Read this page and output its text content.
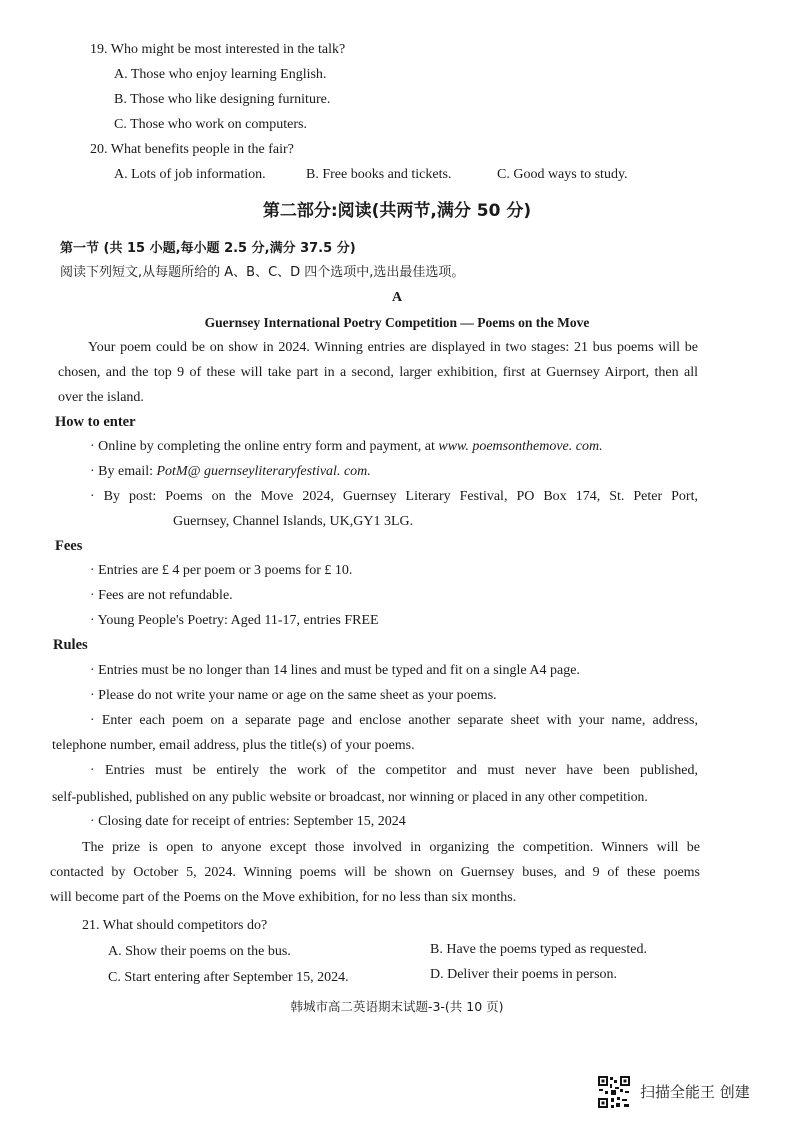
19. Who might be most interested in the talk?
A. Those who enjoy learning English.
B. Those who like designing furniture.
C. Those who work on computers.
20. What benefits people in the fair?
A. Lots of job information.	B. Free books and tickets.	C. Good ways to study.
第二部分:阅读(共两节,满分 50 分)
第一节 (共 15 小题,每小题 2.5 分,满分 37.5 分)
阅读下列短文,从每题所给的 A、B、C、D 四个选项中,选出最佳选项。
A
Guernsey International Poetry Competition — Poems on the Move
Your poem could be on show in 2024. Winning entries are displayed in two stages: 21 bus poems will be
chosen, and the top 9 of these will take part in a second, larger exhibition, first at Guernsey Airport, then all
over the island.
How to enter
· Online by completing the online entry form and payment, at www. poemsonthemove. com.
· By email: PotM@ guernseyliteraryfestival. com.
· By post: Poems on the Move 2024, Guernsey Literary Festival, PO Box 174, St. Peter Port,
Guernsey, Channel Islands, UK,GY1 3LG.
Fees
· Entries are £ 4 per poem or 3 poems for £ 10.
· Fees are not refundable.
· Young People's Poetry: Aged 11-17, entries FREE
Rules
· Entries must be no longer than 14 lines and must be typed and fit on a single A4 page.
· Please do not write your name or age on the same sheet as your poems.
· Enter each poem on a separate page and enclose another separate sheet with your name, address,
telephone number, email address, plus the title(s) of your poems.
· Entries must be entirely the work of the competitor and must never have been published,
self-published, published on any public website or broadcast, nor winning or placed in any other competition.
· Closing date for receipt of entries: September 15, 2024
The prize is open to anyone except those involved in organizing the competition. Winners will be
contacted by October 5, 2024. Winning poems will be shown on Guernsey buses, and 9 of these poems
will become part of the Poems on the Move exhibition, for no less than six months.
21. What should competitors do?
A. Show their poems on the bus.	B. Have the poems typed as requested.
C. Start entering after September 15, 2024.	D. Deliver their poems in person.
韩城市高二英语期末试题-3-(共 10 页)
扫描全能王 创建
